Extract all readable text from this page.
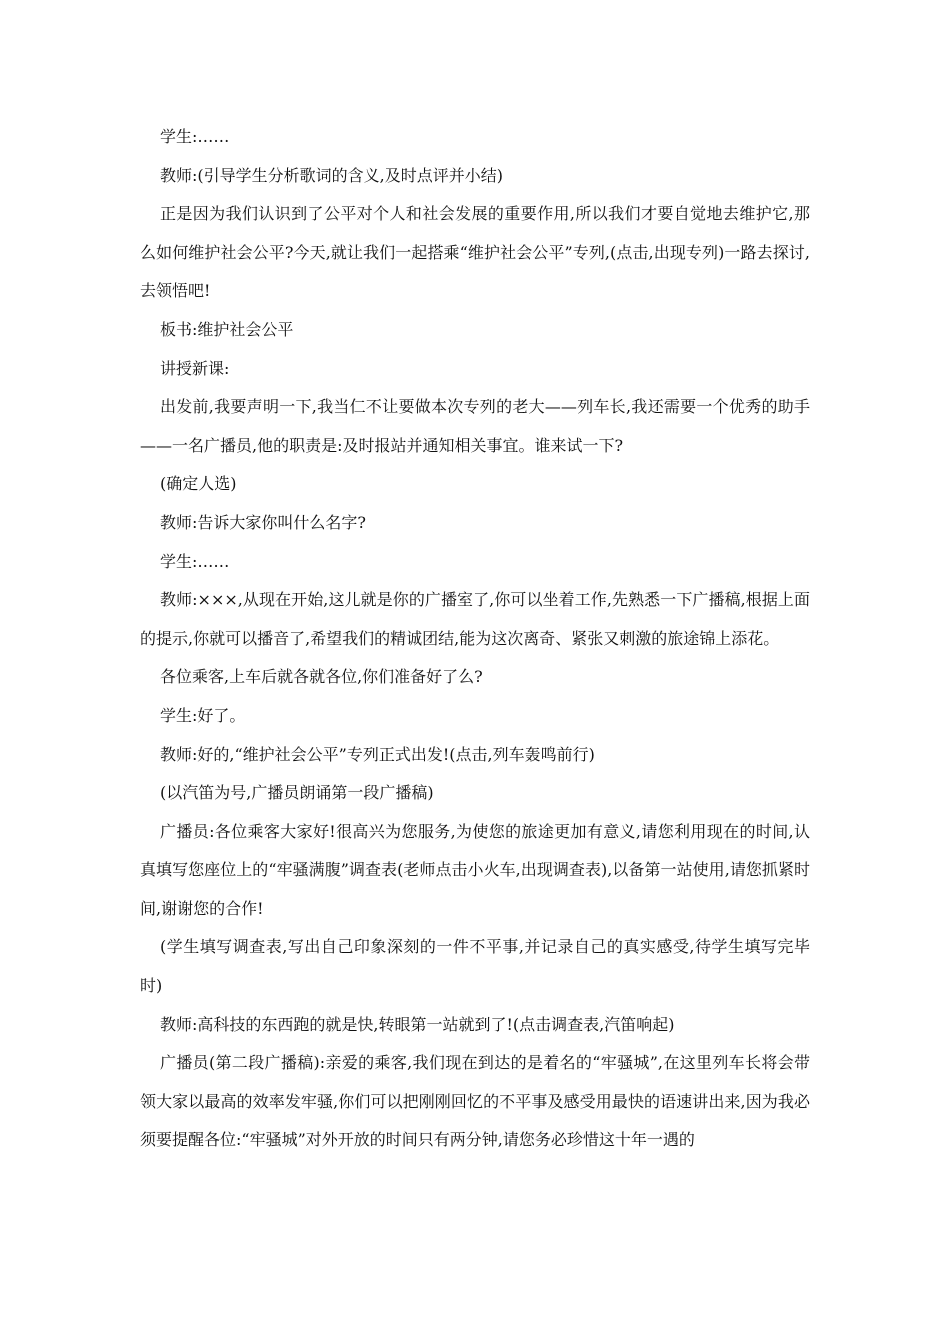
学生:……

教师:(引导学生分析歌词的含义,及时点评并小结)

正是因为我们认识到了公平对个人和社会发展的重要作用,所以我们才要自觉地去维护它,那么如何维护社会公平?今天,就让我们一起搭乘“维护社会公平”专列,(点击,出现专列)一路去探讨,去领悟吧!

板书:维护社会公平

讲授新课:

出发前,我要声明一下,我当仁不让要做本次专列的老大——列车长,我还需要一个优秀的助手——一名广播员,他的职责是:及时报站并通知相关事宜。谁来试一下?

(确定人选)

教师:告诉大家你叫什么名字?

学生:……

教师:×××,从现在开始,这儿就是你的广播室了,你可以坐着工作,先熟悉一下广播稿,根据上面的提示,你就可以播音了,希望我们的精诚团结,能为这次离奇、紧张又刺激的旅途锦上添花。

各位乘客,上车后就各就各位,你们准备好了么?

学生:好了。

教师:好的,“维护社会公平”专列正式出发!(点击,列车轰鸣前行)

(以汽笛为号,广播员朗诵第一段广播稿)

广播员:各位乘客大家好!很高兴为您服务,为使您的旅途更加有意义,请您利用现在的时间,认真填写您座位上的“牢骚满腹”调查表(老师点击小火车,出现调查表),以备第一站使用,请您抓紧时间,谢谢您的合作!

(学生填写调查表,写出自己印象深刻的一件不平事,并记录自己的真实感受,待学生填写完毕时)

教师:高科技的东西跑的就是快,转眼第一站就到了!(点击调查表,汽笛响起)

广播员(第二段广播稿):亲爱的乘客,我们现在到达的是着名的“牢骚城”,在这里列车长将会带领大家以最高的效率发牢骚,你们可以把刚刚回忆的不平事及感受用最快的语速讲出来,因为我必须要提醒各位:“牢骚城”对外开放的时间只有两分钟,请您务必珍惜这十年一遇的
